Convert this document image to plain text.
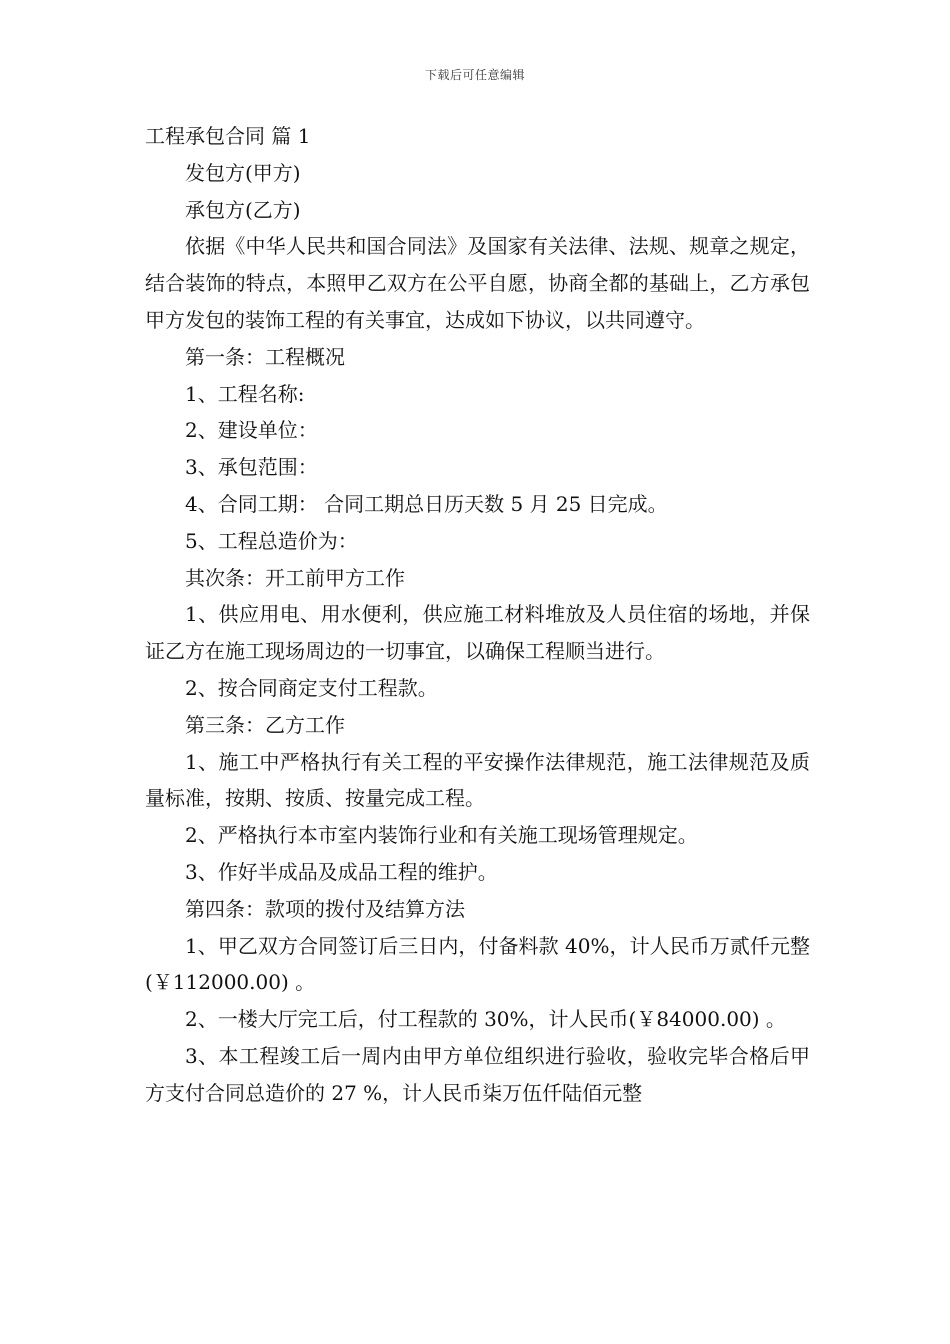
下载后可任意编辑

工程承包合同 篇 1

发包方(甲方)

承包方(乙方)

依据《中华人民共和国合同法》及国家有关法律、法规、规章之规定，结合装饰的特点，本照甲乙双方在公平自愿，协商全都的基础上，乙方承包甲方发包的装饰工程的有关事宜，达成如下协议，以共同遵守。

第一条：工程概况

1、工程名称:

2、建设单位：

3、承包范围：

4、合同工期： 合同工期总日历天数 5 月 25 日完成。

5、工程总造价为：

其次条：开工前甲方工作

1、供应用电、用水便利，供应施工材料堆放及人员住宿的场地，并保证乙方在施工现场周边的一切事宜，以确保工程顺当进行。

2、按合同商定支付工程款。

第三条：乙方工作

1、施工中严格执行有关工程的平安操作法律规范，施工法律规范及质量标准，按期、按质、按量完成工程。

2、严格执行本市室内装饰行业和有关施工现场管理规定。

3、作好半成品及成品工程的维护。

第四条：款项的拨付及结算方法

1、甲乙双方合同签订后三日内，付备料款 40%，计人民币万贰仟元整(￥112000.00) 。

2、一楼大厅完工后，付工程款的 30%，计人民币(￥84000.00) 。

3、本工程竣工后一周内由甲方单位组织进行验收，验收完毕合格后甲方支付合同总造价的 27 %，计人民币柒万伍仟陆佰元整
